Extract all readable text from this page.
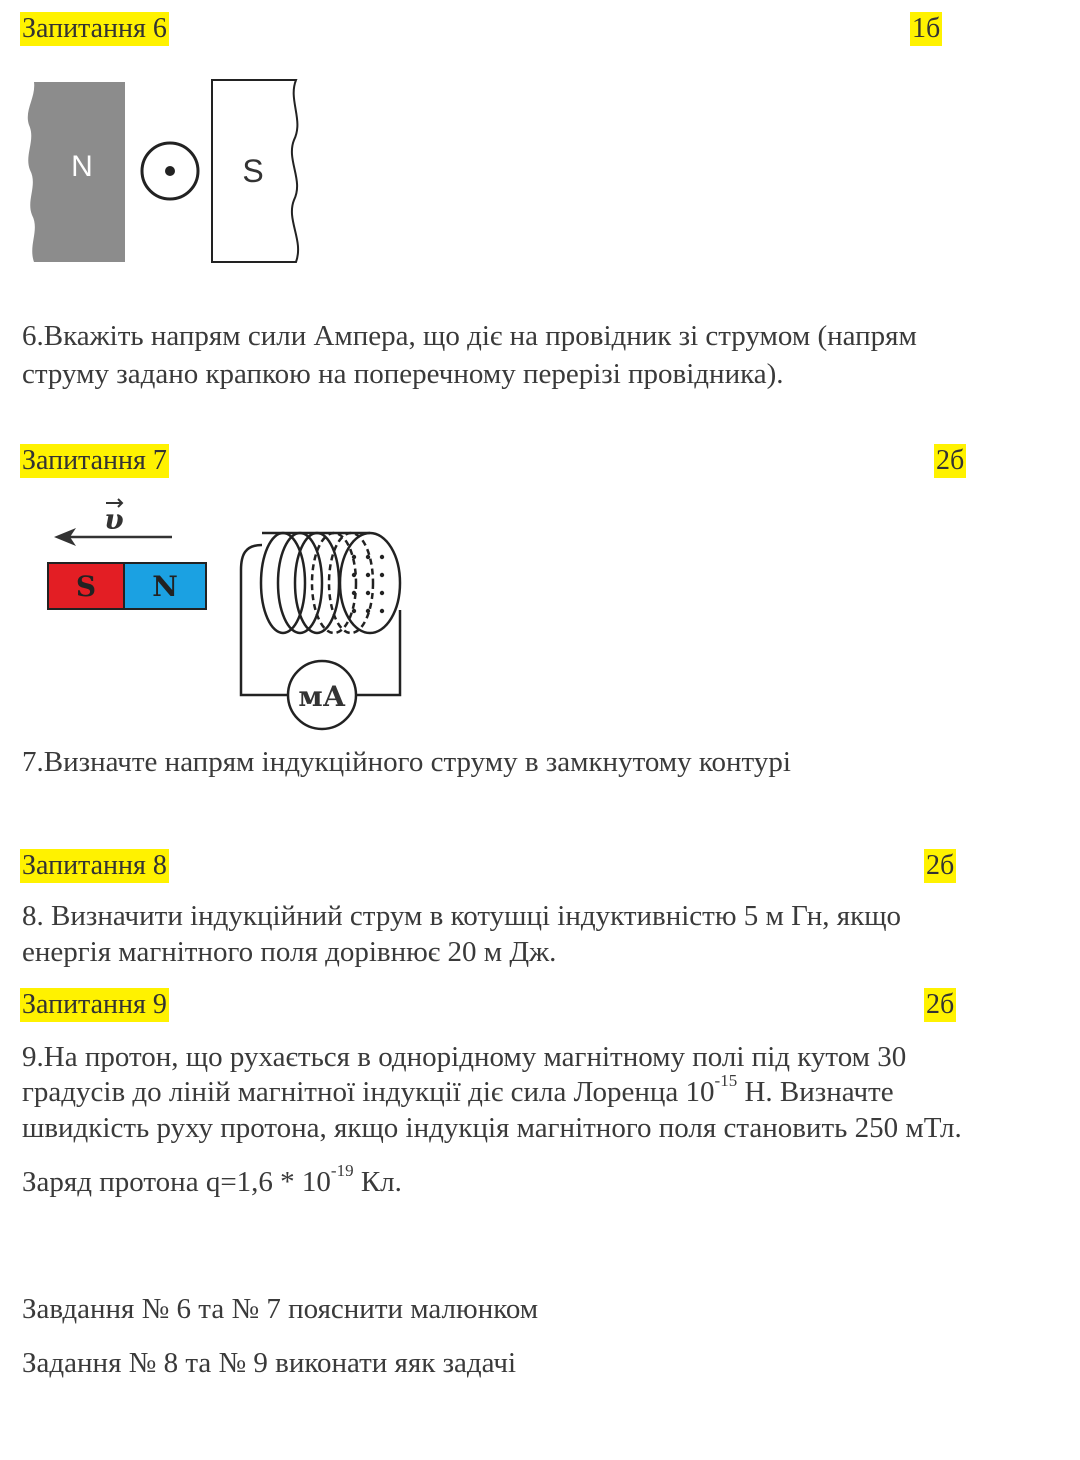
Запитання 6	1б
N	S
6.Вкажіть напрям сили Ампера, що діє на провідник зі струмом (напрям
струму задано крапкою на поперечному перерізі провідника).
Запитання 7	2б
υ
S N
мА
7.Визначте напрям індукційного струму в замкнутому контурі
Запитання 8	2б
8. Визначити індукційний струм в котушці індуктивністю 5 м Гн, якщо
енергія магнітного поля дорівнює 20 м Дж.
Запитання 9	2б
9.На протон, що рухається в однорідному магнітному полі під кутом 30
градусів до ліній магнітної індукції діє сила Лоренца $10^{-15}$ Н. Визначте
швидкість руху протона, якщо індукція магнітного поля становить 250 мТл.
Заряд протона $q=1,6 * 10^{-19}$ Кл.
Завдання № 6 та № 7 пояснити малюнком
Задання № 8 та № 9 виконати яяк задачі
